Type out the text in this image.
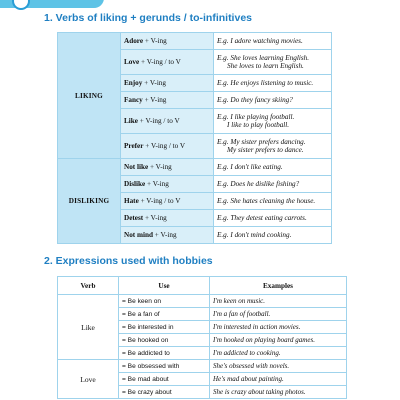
1. Verbs of liking + gerunds / to-infinitives
LIKING	Adore + V-ing	E.g. I adore watching movies.
	Love + V-ing / to V	E.g. She loves learning English.
She loves to learn English.

	Enjoy + V-ing	E.g. He enjoys listening to music.
	Fancy + V-ing	E.g. Do they fancy skiing?
	Like + V-ing / to V	E.g. I like playing football.
I like to play football.

	Prefer + V-ing / to V	E.g. My sister prefers dancing.
My sister prefers to dance.

DISLIKING	Not like + V-ing	E.g. I don't like eating.
	Dislike + V-ing	E.g. Does he dislike fishing?
	Hate + V-ing / to V	E.g. She hates cleaning the house.
	Detest + V-ing	E.g. They detest eating carrots.
	Not mind + V-ing	E.g. I don't mind cooking.
2. Expressions used with hobbies
Verb	Use	Examples
Like	= Be keen on	I'm keen on music.
	= Be a fan of	I'm a fan of football.
	= Be interested in	I'm interested in action movies.
	= Be hooked on	I'm hooked on playing board games.
	= Be addicted to	I'm addicted to cooking.
Love	= Be obsessed with	She's obsessed with novels.
	= Be mad about	He's mad about painting.
	= Be crazy about	She is crazy about taking photos.
